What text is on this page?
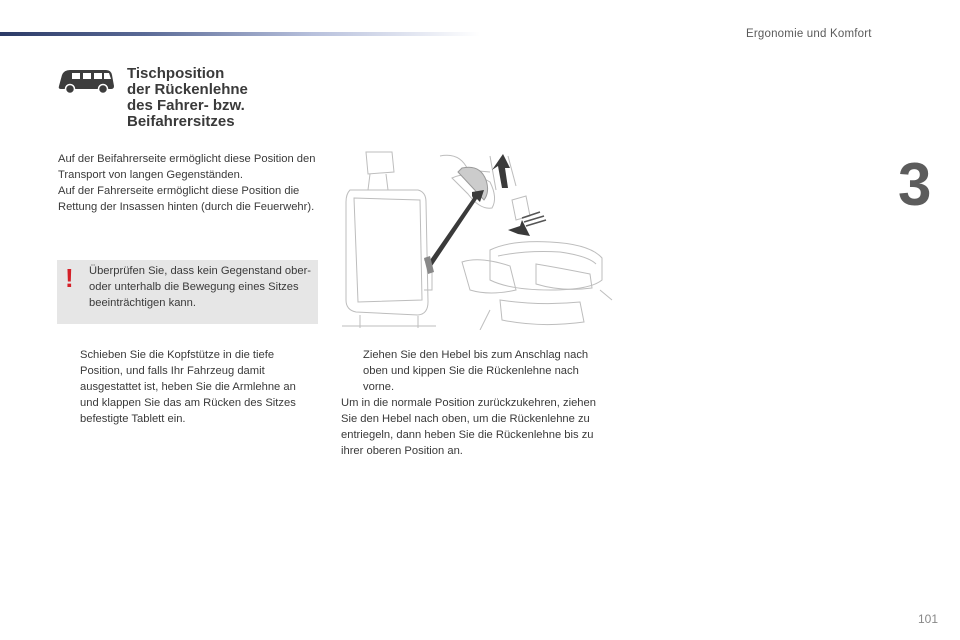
Ergonomie und Komfort
3
Tischposition
der Rückenlehne
des Fahrer- bzw.
Beifahrersitzes

Auf der Beifahrerseite ermöglicht diese Position den Transport von langen Gegenständen.

Auf der Fahrerseite ermöglicht diese Position die Rettung der Insassen hinten (durch die Feuerwehr).

! Überprüfen Sie, dass kein Gegenstand ober- oder unterhalb die Bewegung eines Sitzes beeinträchtigen kann.
Schieben Sie die Kopfstütze in die tiefe Position, und falls Ihr Fahrzeug damit ausgestattet ist, heben Sie die Armlehne an und klappen Sie das am Rücken des Sitzes befestigte Tablett ein.
Ziehen Sie den Hebel bis zum Anschlag nach oben und kippen Sie die Rückenlehne nach vorne.

Um in die normale Position zurückzukehren, ziehen Sie den Hebel nach oben, um die Rückenlehne zu entriegeln, dann heben Sie die Rückenlehne bis zu ihrer oberen Position an.

101
